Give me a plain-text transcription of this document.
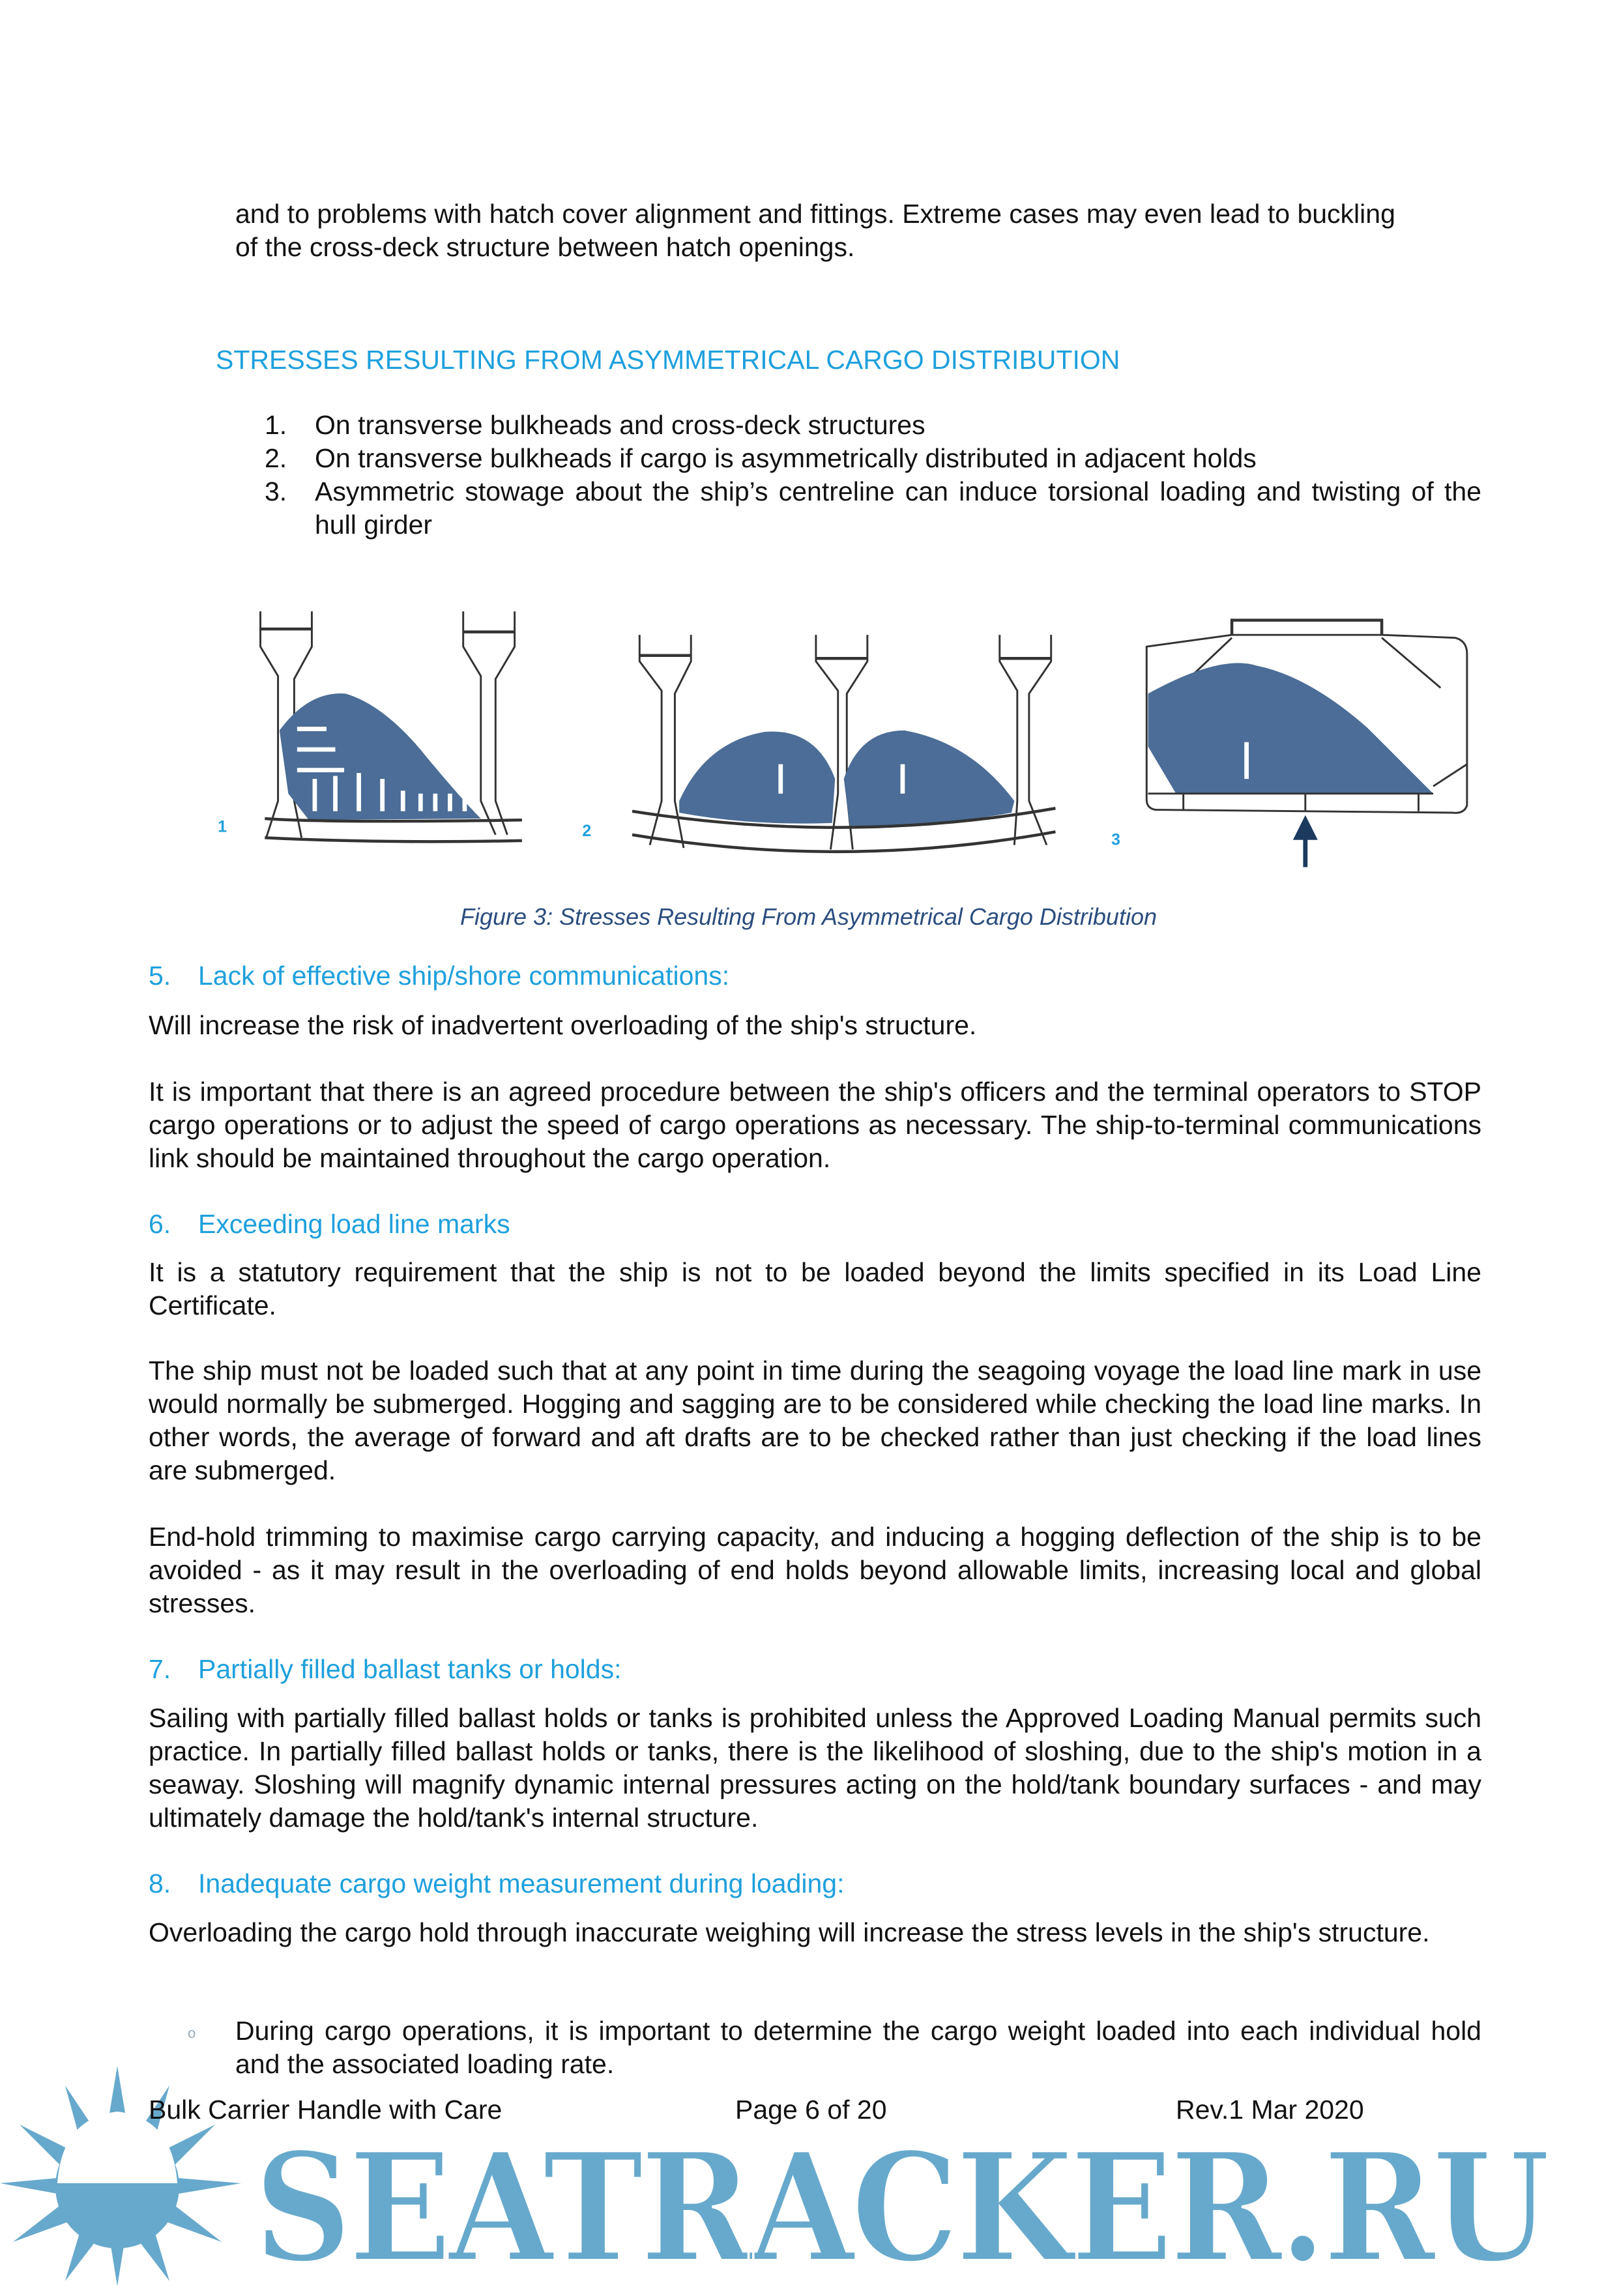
and to problems with hatch cover alignment and fittings. Extreme cases may even lead to buckling
of the cross-deck structure between hatch openings.
STRESSES RESULTING FROM ASYMMETRICAL CARGO DISTRIBUTION
1. On transverse bulkheads and cross-deck structures
2. On transverse bulkheads if cargo is asymmetrically distributed in adjacent holds
3. Asymmetric stowage about the ship’s centreline can induce torsional loading and twisting of the hull girder
1	2
3
Figure 3: Stresses Resulting From Asymmetrical Cargo Distribution
5. Lack of effective ship/shore communications:
Will increase the risk of inadvertent overloading of the ship's structure.
It is important that there is an agreed procedure between the ship's officers and the terminal operators to STOP cargo operations or to adjust the speed of cargo operations as necessary. The ship-to-terminal communications link should be maintained throughout the cargo operation.
6. Exceeding load line marks
It is a statutory requirement that the ship is not to be loaded beyond the limits specified in its Load Line Certificate.
The ship must not be loaded such that at any point in time during the seagoing voyage the load line mark in use would normally be submerged. Hogging and sagging are to be considered while checking the load line marks. In other words, the average of forward and aft drafts are to be checked rather than just checking if the load lines are submerged.
End-hold trimming to maximise cargo carrying capacity, and inducing a hogging deflection of the ship is to be avoided - as it may result in the overloading of end holds beyond allowable limits, increasing local and global stresses.
7. Partially filled ballast tanks or holds:
Sailing with partially filled ballast holds or tanks is prohibited unless the Approved Loading Manual permits such practice. In partially filled ballast holds or tanks, there is the likelihood of sloshing, due to the ship's motion in a seaway. Sloshing will magnify dynamic internal pressures acting on the hold/tank boundary surfaces - and may ultimately damage the hold/tank's internal structure.
8. Inadequate cargo weight measurement during loading:
Overloading the cargo hold through inaccurate weighing will increase the stress levels in the ship's structure.
o During cargo operations, it is important to determine the cargo weight loaded into each individual hold and the associated loading rate.
SEATRACKER.RU
Bulk Carrier Handle with Care	Page 6 of 20	Rev.1 Mar 2020
